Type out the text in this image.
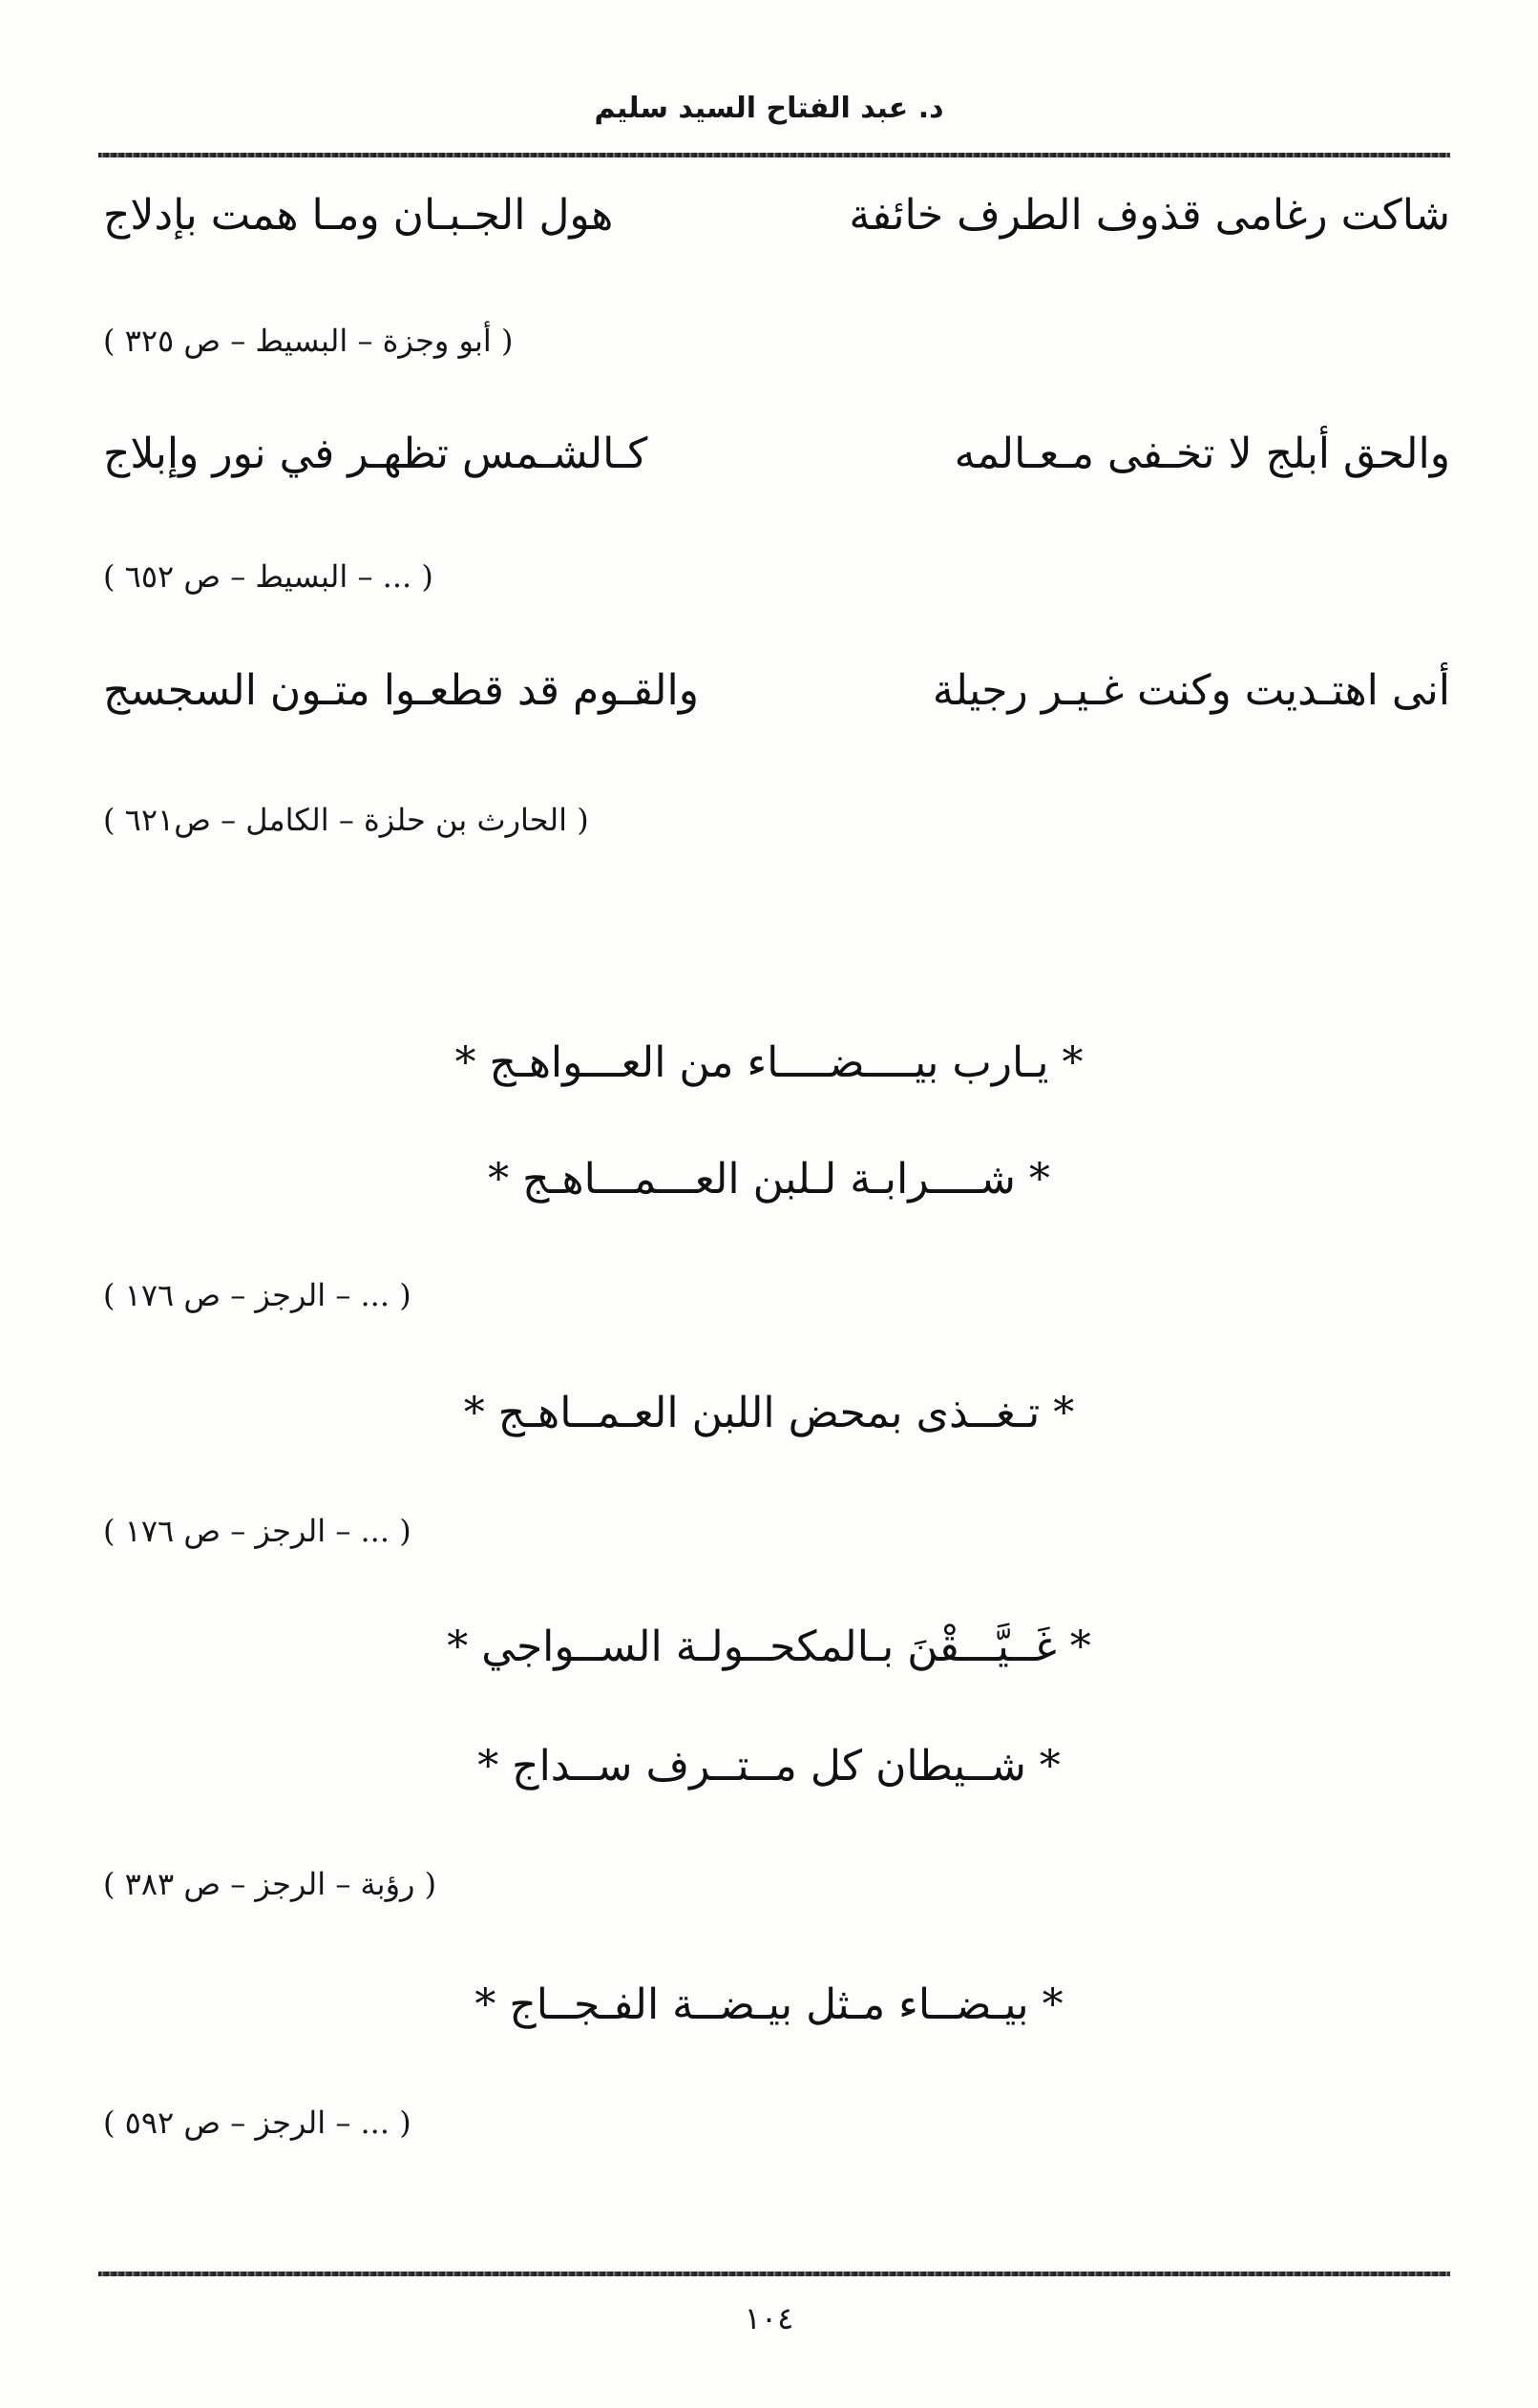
د. عبد الفتاح السيد سليم
شاكت رغامى قذوف الطرف خائفة
هول الجـبـان ومـا همت بإدلاج
( أبو وجزة – البسيط – ص ٣٢٥ )
والحق أبلج لا تخـفى مـعـالمه
كـالشـمس تظهـر في نور وإبلاج
( ... – البسيط – ص ٦٥٢ )
أنى اهتـديت وكنت غـيـر رجيلة
والقـوم قد قطعـوا متـون السجسج
( الحارث بن حلزة – الكامل – ص٦٢١ )
* يـارب بيــــضــــاء من العـــواهـج *
* شــــرابـة لـلبن العـــمـــاهـج *
( ... – الرجز – ص ١٧٦ )
* تـغــذى بمحض اللبن العـمــاهـج *
( ... – الرجز – ص ١٧٦ )
* غَــيَّـــقْنَ بـالمكحــولـة الســواجي *
* شــيطان كل مــتــرف ســداج *
( رؤبة – الرجز – ص ٣٨٣ )
* بيـضــاء مـثل بيـضــة الفـجــاج *
( ... – الرجز – ص ٥٩٢ )
١٠٤
